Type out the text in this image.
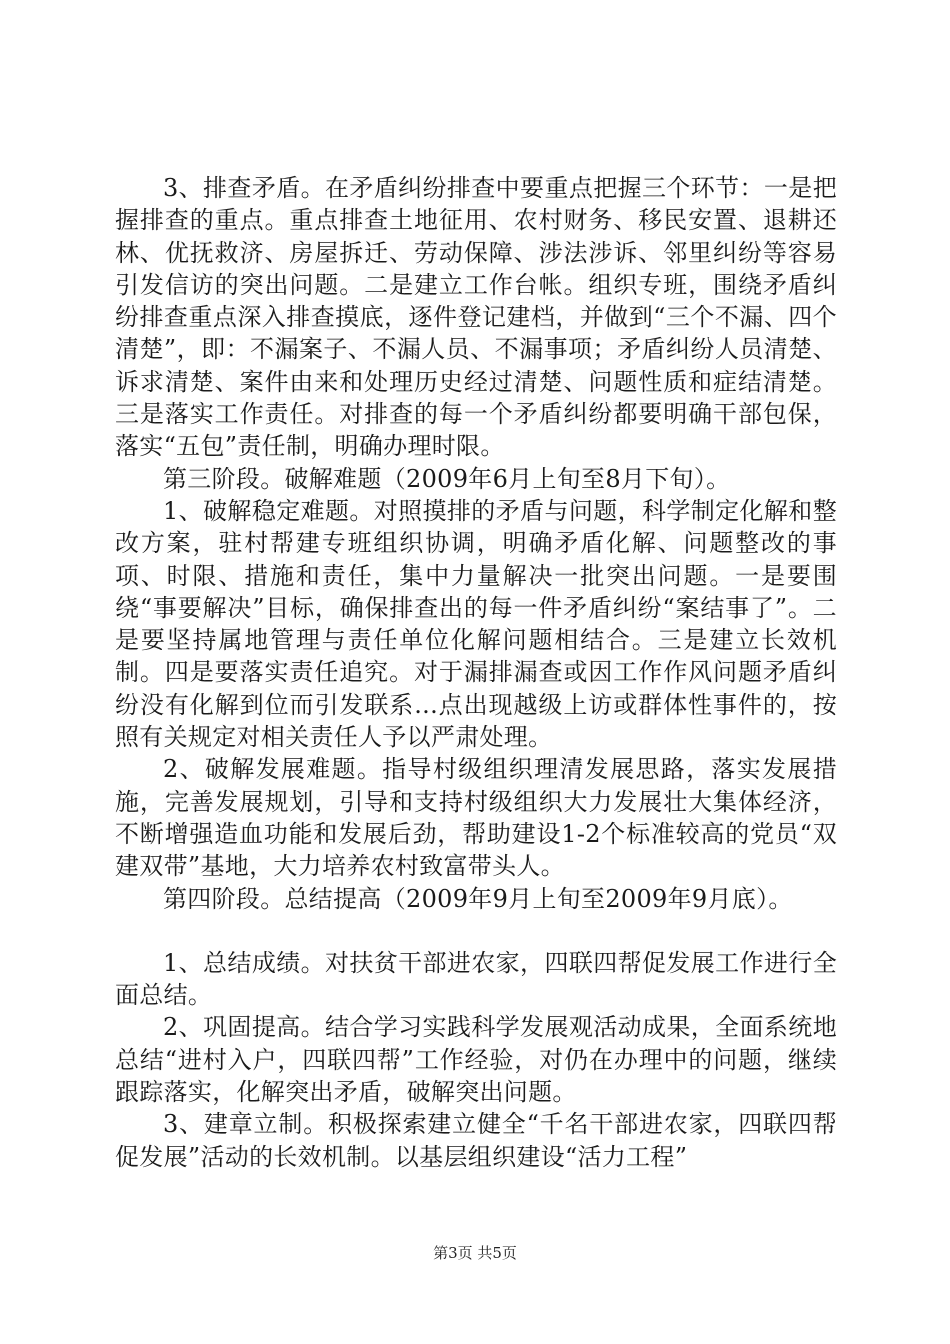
3、排查矛盾。在矛盾纠纷排查中要重点把握三个环节：一是把握排查的重点。重点排查土地征用、农村财务、移民安置、退耕还林、优抚救济、房屋拆迁、劳动保障、涉法涉诉、邻里纠纷等容易引发信访的突出问题。二是建立工作台帐。组织专班，围绕矛盾纠纷排查重点深入排查摸底，逐件登记建档，并做到“三个不漏、四个清楚”，即：不漏案子、不漏人员、不漏事项；矛盾纠纷人员清楚、诉求清楚、案件由来和处理历史经过清楚、问题性质和症结清楚。三是落实工作责任。对排查的每一个矛盾纠纷都要明确干部包保，落实“五包”责任制，明确办理时限。

第三阶段。破解难题（2009年6月上旬至8月下旬）。

1、破解稳定难题。对照摸排的矛盾与问题，科学制定化解和整改方案，驻村帮建专班组织协调，明确矛盾化解、问题整改的事项、时限、措施和责任，集中力量解决一批突出问题。一是要围绕“事要解决”目标，确保排查出的每一件矛盾纠纷“案结事了”。二是要坚持属地管理与责任单位化解问题相结合。三是建立长效机制。四是要落实责任追究。对于漏排漏查或因工作作风问题矛盾纠纷没有化解到位而引发联系...点出现越级上访或群体性事件的，按照有关规定对相关责任人予以严肃处理。

2、破解发展难题。指导村级组织理清发展思路，落实发展措施，完善发展规划，引导和支持村级组织大力发展壮大集体经济，不断增强造血功能和发展后劲，帮助建设1-2个标准较高的党员“双建双带”基地，大力培养农村致富带头人。

第四阶段。总结提高（2009年9月上旬至2009年9月底）。

1、总结成绩。对扶贫干部进农家，四联四帮促发展工作进行全面总结。

2、巩固提高。结合学习实践科学发展观活动成果，全面系统地总结“进村入户，四联四帮”工作经验，对仍在办理中的问题，继续跟踪落实，化解突出矛盾，破解突出问题。

3、建章立制。积极探索建立健全“千名干部进农家，四联四帮促发展”活动的长效机制。以基层组织建设“活力工程”

第3页 共5页
